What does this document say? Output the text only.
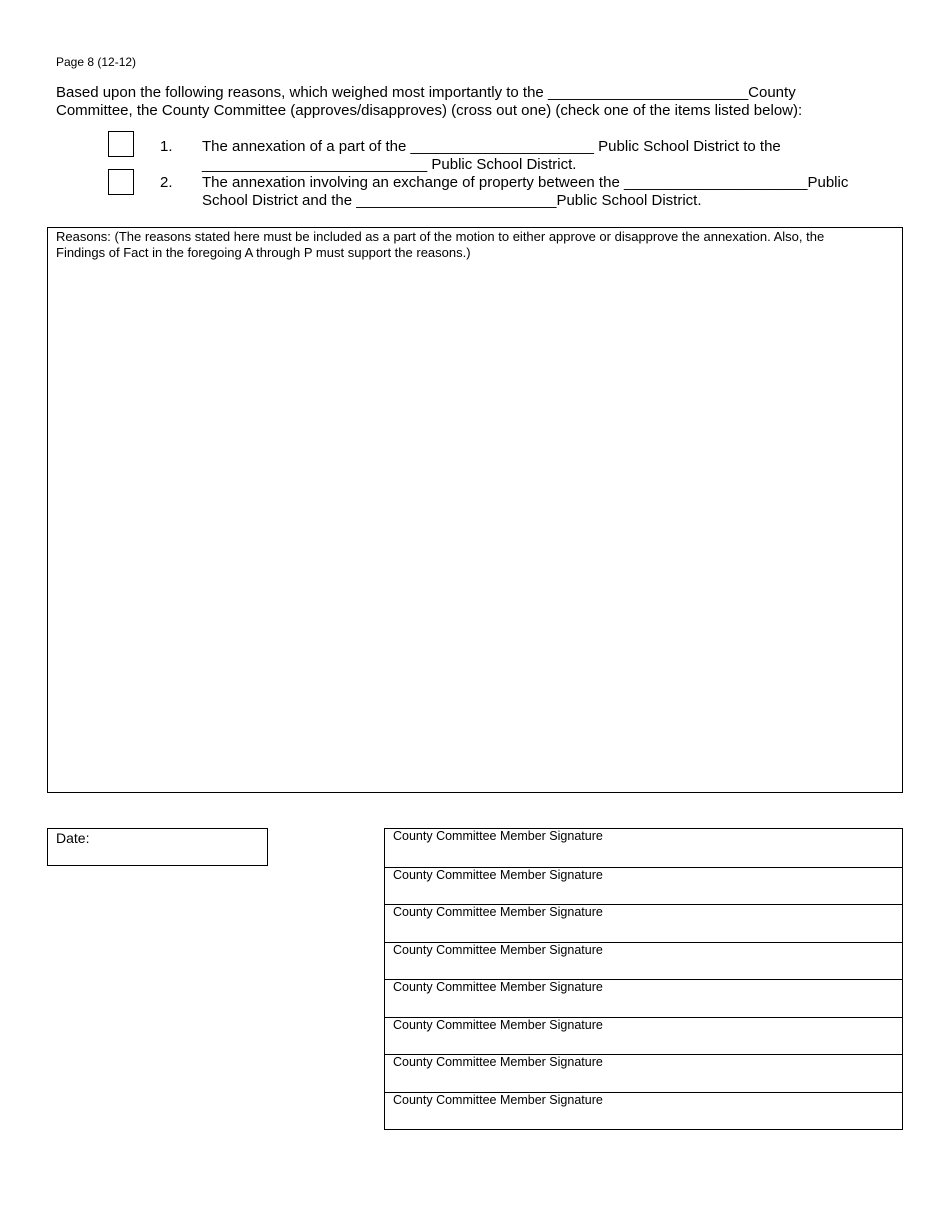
Page 8 (12-12)
Based upon the following reasons, which weighed most importantly to the ________________________County
Committee, the County Committee (approves/disapproves) (cross out one) (check one of the items listed below):
1. The annexation of a part of the ______________________ Public School District to the
___________________________ Public School District.
2. The annexation involving an exchange of property between the ______________________Public
School District and the ________________________Public School District.
Reasons: (The reasons stated here must be included as a part of the motion to either approve or disapprove the annexation. Also, the
Findings of Fact in the foregoing A through P must support the reasons.)
Date:	County Committee Member Signature
County Committee Member Signature
County Committee Member Signature
County Committee Member Signature
County Committee Member Signature
County Committee Member Signature
County Committee Member Signature
County Committee Member Signature
